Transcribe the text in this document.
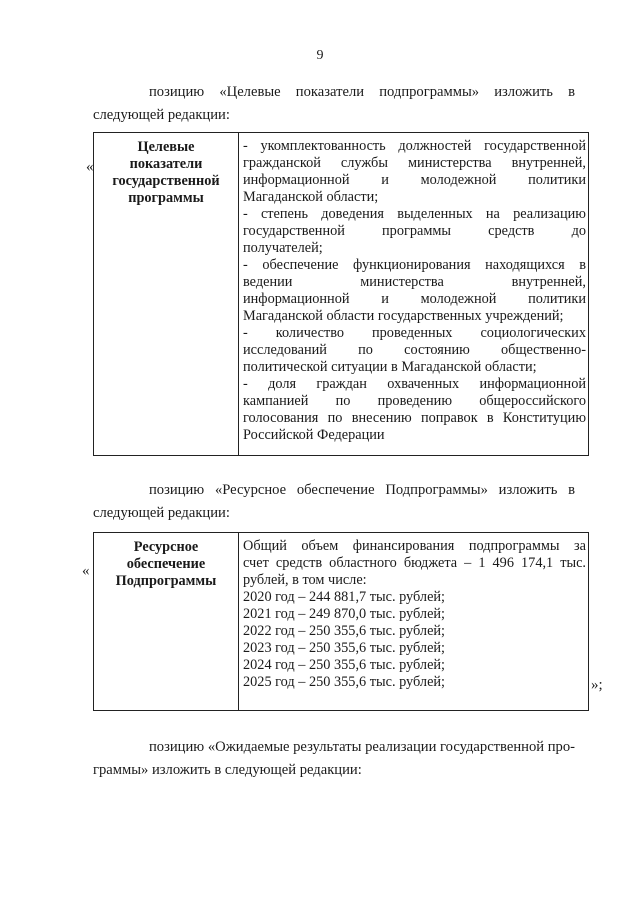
9
позицию «Целевые показатели подпрограммы» изложить в
следующей редакции:
«
Целевые
показатели
государственной
программы
- укомплектованность должностей государственной
гражданской службы министерства внутренней,
информационной и молодежной политики
Магаданской области;
- степень доведения выделенных на реализацию
государственной программы средств до
получателей;
- обеспечение функционирования находящихся в
ведении министерства внутренней,
информационной и молодежной политики
Магаданской области государственных учреждений;
- количество проведенных социологических
исследований по состоянию общественно-
политической ситуации в Магаданской области;
- доля граждан охваченных информационной
кампанией по проведению общероссийского
голосования по внесению поправок в Конституцию
Российской Федерации
позицию «Ресурсное обеспечение Подпрограммы» изложить в
следующей редакции:
«
»;
Ресурсное
обеспечение
Подпрограммы
Общий объем финансирования подпрограммы за
счет средств областного бюджета – 1 496 174,1 тыс.
рублей, в том числе:
2020 год – 244 881,7 тыс. рублей;
2021 год – 249 870,0 тыс. рублей;
2022 год – 250 355,6 тыс. рублей;
2023 год – 250 355,6 тыс. рублей;
2024 год – 250 355,6 тыс. рублей;
2025 год – 250 355,6 тыс. рублей;
позицию «Ожидаемые результаты реализации государственной про-
граммы» изложить в следующей редакции:
